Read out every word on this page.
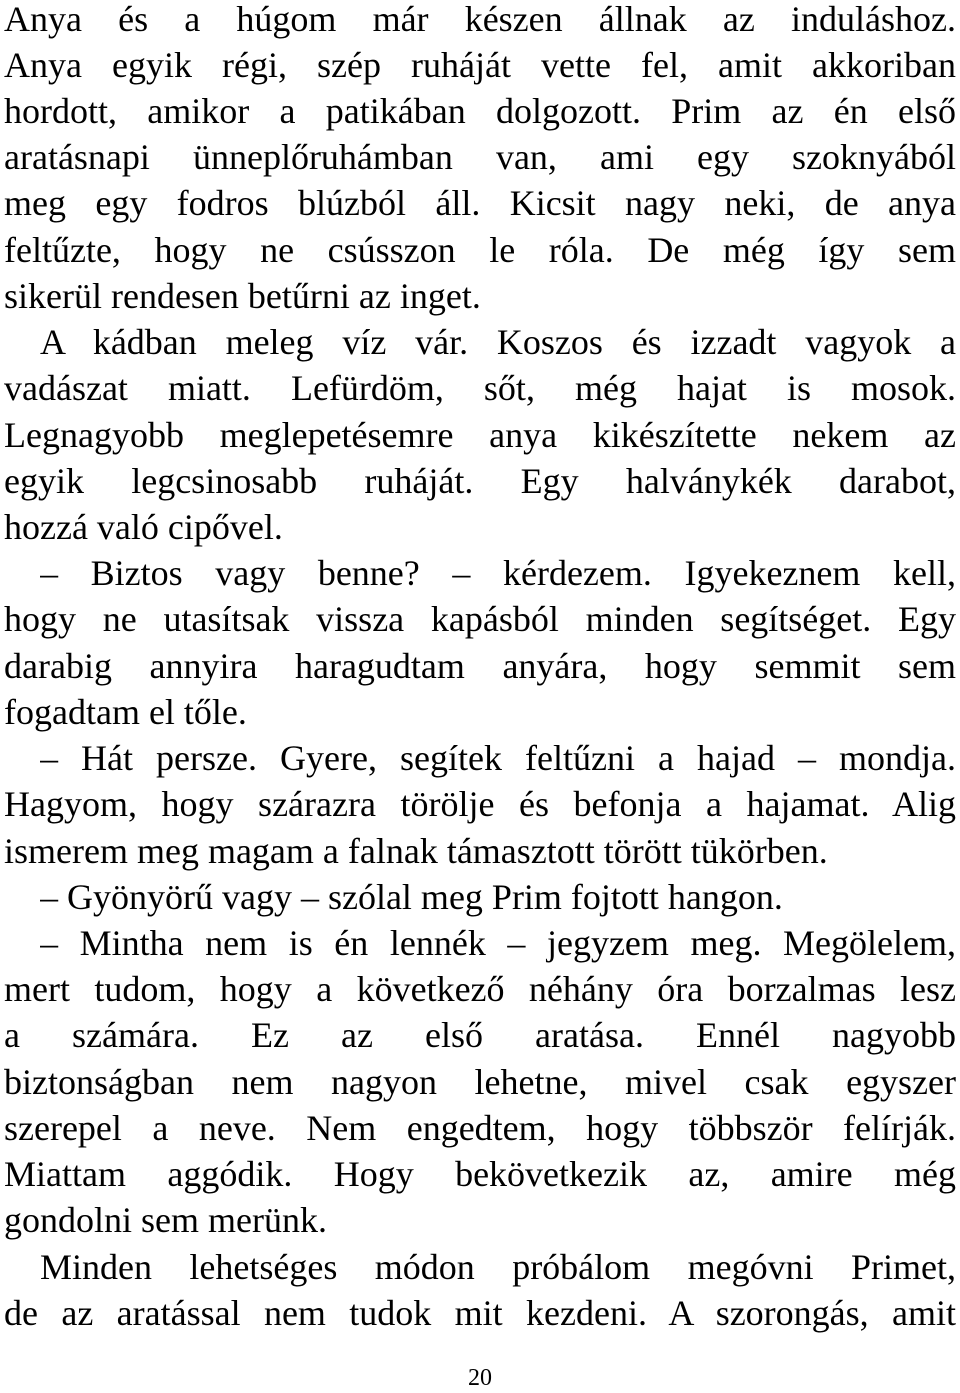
Anya és a húgom már készen állnak az induláshoz.
Anya egyik régi, szép ruháját vette fel, amit akkoriban
hordott, amikor a patikában dolgozott. Prim az én első
aratásnapi ünneplőruhámban van, ami egy szoknyából
meg egy fodros blúzból áll. Kicsit nagy neki, de anya
feltűzte, hogy ne csússzon le róla. De még így sem
sikerül rendesen betűrni az inget.
A kádban meleg víz vár. Koszos és izzadt vagyok a
vadászat miatt. Lefürdöm, sőt, még hajat is mosok.
Legnagyobb meglepetésemre anya kikészítette nekem az
egyik legcsinosabb ruháját. Egy halványkék darabot,
hozzá való cipővel.
– Biztos vagy benne? – kérdezem. Igyekeznem kell,
hogy ne utasítsak vissza kapásból minden segítséget. Egy
darabig annyira haragudtam anyára, hogy semmit sem
fogadtam el tőle.
– Hát persze. Gyere, segítek feltűzni a hajad – mondja.
Hagyom, hogy szárazra törölje és befonja a hajamat. Alig
ismerem meg magam a falnak támasztott törött tükörben.
– Gyönyörű vagy – szólal meg Prim fojtott hangon.
– Mintha nem is én lennék – jegyzem meg. Megölelem,
mert tudom, hogy a következő néhány óra borzalmas lesz
a számára. Ez az első aratása. Ennél nagyobb
biztonságban nem nagyon lehetne, mivel csak egyszer
szerepel a neve. Nem engedtem, hogy többször felírják.
Miattam aggódik. Hogy bekövetkezik az, amire még
gondolni sem merünk.
Minden lehetséges módon próbálom megóvni Primet,
de az aratással nem tudok mit kezdeni. A szorongás, amit
20
